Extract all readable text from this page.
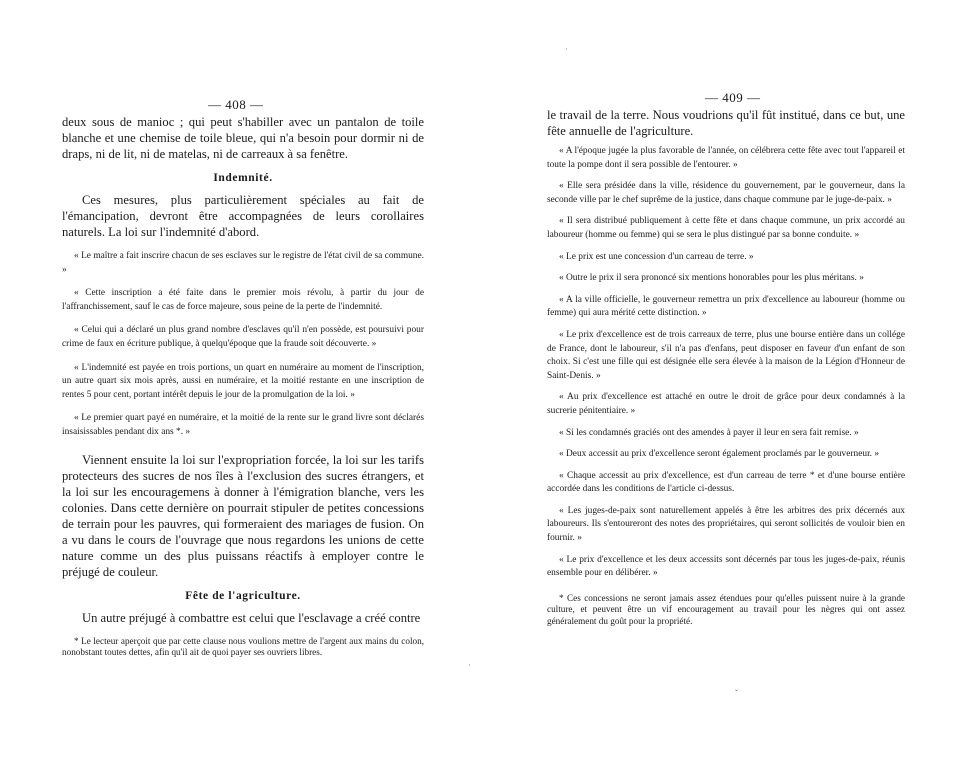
— 408 —

deux sous de manioc ; qui peut s'habiller avec un pantalon de toile blanche et une chemise de toile bleue, qui n'a besoin pour dormir ni de draps, ni de lit, ni de matelas, ni de carreaux à sa fenêtre.

Indemnité.

Ces mesures, plus particulièrement spéciales au fait de l'émancipation, devront être accompagnées de leurs corollaires naturels. La loi sur l'indemnité d'abord.

« Le maître a fait inscrire chacun de ses esclaves sur le registre de l'état civil de sa commune. »

« Cette inscription a été faite dans le premier mois révolu, à partir du jour de l'affranchissement, sauf le cas de force majeure, sous peine de la perte de l'indemnité.

« Celui qui a déclaré un plus grand nombre d'esclaves qu'il n'en possède, est poursuivi pour crime de faux en écriture publique, à quelqu'époque que la fraude soit découverte. »

« L'indemnité est payée en trois portions, un quart en numéraire au moment de l'inscription, un autre quart six mois après, aussi en numéraire, et la moitié restante en une inscription de rentes 5 pour cent, portant intérêt depuis le jour de la promulgation de la loi. »

« Le premier quart payé en numéraire, et la moitié de la rente sur le grand livre sont déclarés insaisissables pendant dix ans *. »

Viennent ensuite la loi sur l'expropriation forcée, la loi sur les tarifs protecteurs des sucres de nos îles à l'exclusion des sucres étrangers, et la loi sur les encouragemens à donner à l'émigration blanche, vers les colonies. Dans cette dernière on pourrait stipuler de petites concessions de terrain pour les pauvres, qui formeraient des mariages de fusion. On a vu dans le cours de l'ouvrage que nous regardons les unions de cette nature comme un des plus puissans réactifs à employer contre le préjugé de couleur.

Fête de l'agriculture.

Un autre préjugé à combattre est celui que l'esclavage a créé contre

* Le lecteur aperçoit que par cette clause nous voulions mettre de l'argent aux mains du colon, nonobstant toutes dettes, afin qu'il ait de quoi payer ses ouvriers libres.

— 409 —

le travail de la terre. Nous voudrions qu'il fût institué, dans ce but, une fête annuelle de l'agriculture.

« A l'époque jugée la plus favorable de l'année, on célébrera cette fête avec tout l'appareil et toute la pompe dont il sera possible de l'entourer. »

« Elle sera présidée dans la ville, résidence du gouvernement, par le gouverneur, dans la seconde ville par le chef suprême de la justice, dans chaque commune par le juge-de-paix. »

« Il sera distribué publiquement à cette fête et dans chaque commune, un prix accordé au laboureur (homme ou femme) qui se sera le plus distingué par sa bonne conduite. »

« Le prix est une concession d'un carreau de terre. »

« Outre le prix il sera prononcé six mentions honorables pour les plus méritans. »

« A la ville officielle, le gouverneur remettra un prix d'excellence au laboureur (homme ou femme) qui aura mérité cette distinction. »

« Le prix d'excellence est de trois carreaux de terre, plus une bourse entière dans un collége de France, dont le laboureur, s'il n'a pas d'enfans, peut disposer en faveur d'un enfant de son choix. Si c'est une fille qui est désignée elle sera élevée à la maison de la Légion d'Honneur de Saint-Denis. »

« Au prix d'excellence est attaché en outre le droit de grâce pour deux condamnés à la sucrerie pénitentiaire. »

« Si les condamnés graciés ont des amendes à payer il leur en sera fait remise. »

« Deux accessit au prix d'excellence seront également proclamés par le gouverneur. »

« Chaque accessit au prix d'excellence, est d'un carreau de terre * et d'une bourse entière accordée dans les conditions de l'article ci-dessus.

« Les juges-de-paix sont naturellement appelés à être les arbitres des prix décernés aux laboureurs. Ils s'entoureront des notes des propriétaires, qui seront sollicités de vouloir bien en fournir. »

« Le prix d'excellence et les deux accessits sont décernés par tous les juges-de-paix, réunis ensemble pour en délibérer. »

* Ces concessions ne seront jamais assez étendues pour qu'elles puissent nuire à la grande culture, et peuvent être un vif encouragement au travail pour les nègres qui ont assez généralement du goût pour la propriété.

·
ˇ
·
